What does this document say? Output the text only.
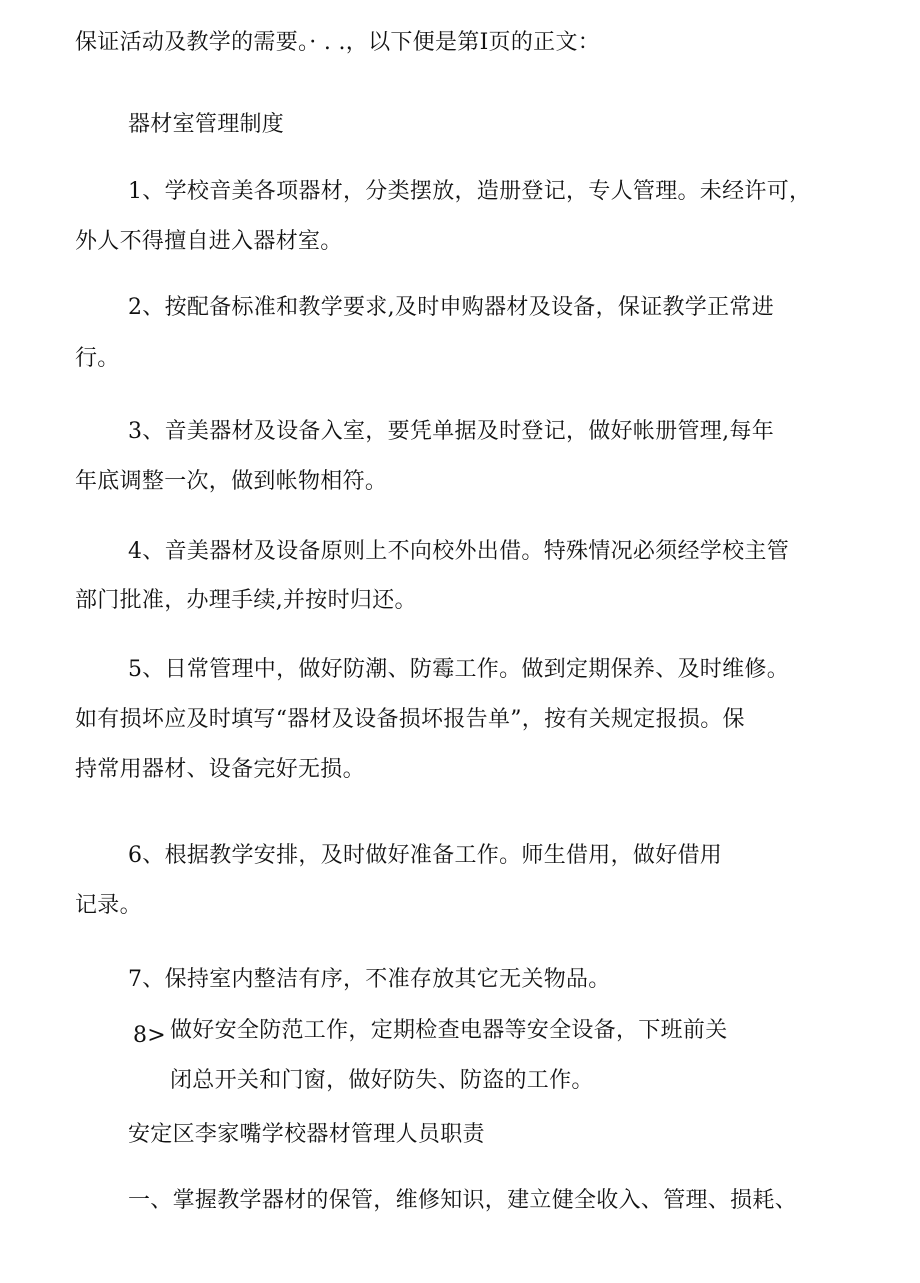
保证活动及教学的需要。· . .，以下便是第Ⅰ页的正文：
器材室管理制度
1、学校音美各项器材，分类摆放，造册登记，专人管理。未经许可，
外人不得擅自进入器材室。
2、按配备标准和教学要求,及时申购器材及设备，保证教学正常进
行。
3、音美器材及设备入室，要凭单据及时登记，做好帐册管理,每年
年底调整一次，做到帐物相符。
4、音美器材及设备原则上不向校外出借。特殊情况必须经学校主管
部门批准，办理手续,并按时归还。
5、日常管理中，做好防潮、防霉工作。做到定期保养、及时维修。
如有损坏应及时填写“器材及设备损坏报告单”，按有关规定报损。保
持常用器材、设备完好无损。
6、根据教学安排，及时做好准备工作。师生借用，做好借用
记录。
7、保持室内整洁有序，不准存放其它无关物品。
8> 做好安全防范工作，定期检查电器等安全设备，下班前关
闭总开关和门窗，做好防失、防盗的工作。
安定区李家嘴学校器材管理人员职责
一、掌握教学器材的保管，维修知识，建立健全收入、管理、损耗、
